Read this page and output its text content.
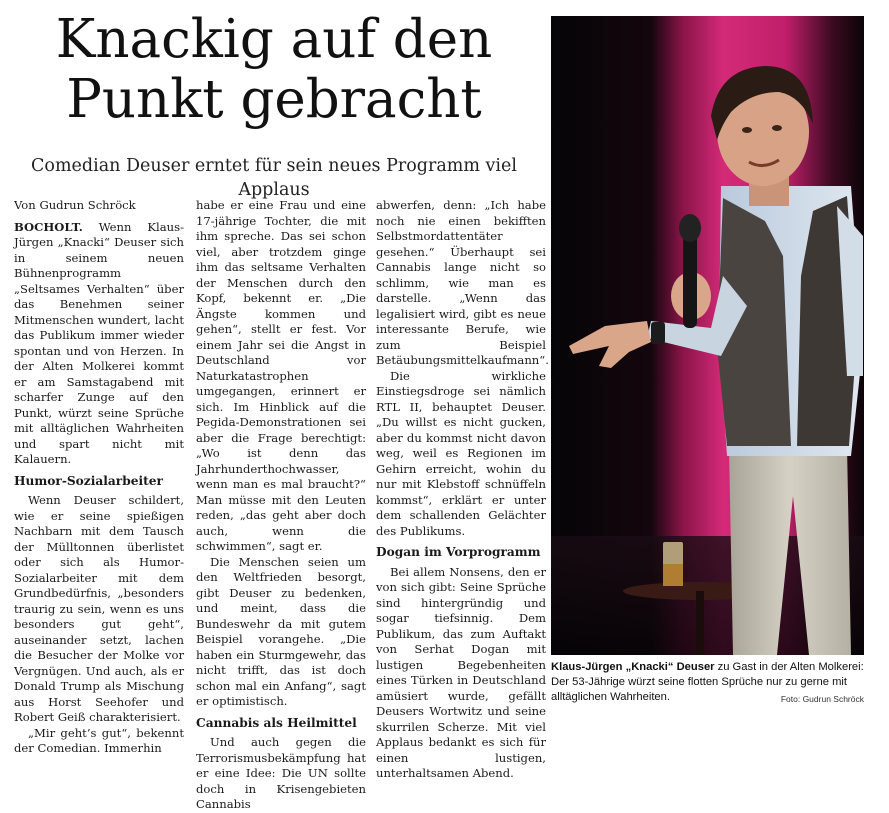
Knackig auf den
Punkt gebracht
Comedian Deuser erntet für sein neues Programm viel Applaus
Von Gudrun Schröck

BOCHOLT. Wenn Klaus-Jürgen „Knacki“ Deuser sich in seinem neuen Bühnenprogramm „Seltsames Verhalten“ über das Benehmen seiner Mitmenschen wundert, lacht das Publikum immer wieder spontan und von Herzen. In der Alten Molkerei kommt er am Samstagabend mit scharfer Zunge auf den Punkt, würzt seine Sprüche mit alltäglichen Wahrheiten und spart nicht mit Kalauern.

Humor-Sozialarbeiter

Wenn Deuser schildert, wie er seine spießigen Nachbarn mit dem Tausch der Mülltonnen überlistet oder sich als Humor-Sozialarbeiter mit dem Grundbedürfnis, „besonders traurig zu sein, wenn es uns besonders gut geht“, auseinander setzt, lachen die Besucher der Molke vor Vergnügen. Und auch, als er Donald Trump als Mischung aus Horst Seehofer und Robert Geiß charakterisiert.

„Mir geht’s gut“, bekennt der Comedian. Immerhin

habe er eine Frau und eine 17-jährige Tochter, die mit ihm spreche. Das sei schon viel, aber trotzdem ginge ihm das seltsame Verhalten der Menschen durch den Kopf, bekennt er. „Die Ängste kommen und gehen“, stellt er fest. Vor einem Jahr sei die Angst in Deutschland vor Naturkatastrophen umgegangen, erinnert er sich. Im Hinblick auf die Pegida-Demonstrationen sei aber die Frage berechtigt: „Wo ist denn das Jahrhunderthochwasser, wenn man es mal braucht?“ Man müsse mit den Leuten reden, „das geht aber doch auch, wenn die schwimmen“, sagt er.

Die Menschen seien um den Weltfrieden besorgt, gibt Deuser zu bedenken, und meint, dass die Bundeswehr da mit gutem Beispiel vorangehe. „Die haben ein Sturmgewehr, das nicht trifft, das ist doch schon mal ein Anfang“, sagt er optimistisch.

Cannabis als Heilmittel

Und auch gegen die Terrorismusbekämpfung hat er eine Idee: Die UN sollte doch in Krisengebieten Cannabis

abwerfen, denn: „Ich habe noch nie einen bekifften Selbstmordattentäter gesehen.“ Überhaupt sei Cannabis lange nicht so schlimm, wie man es darstelle. „Wenn das legalisiert wird, gibt es neue interessante Berufe, wie zum Beispiel Betäubungsmittelkaufmann“.

Die wirkliche Einstiegsdroge sei nämlich RTL II, behauptet Deuser. „Du willst es nicht gucken, aber du kommst nicht davon weg, weil es Regionen im Gehirn erreicht, wohin du nur mit Klebstoff schnüffeln kommst“, erklärt er unter dem schallenden Gelächter des Publikums.

Dogan im Vorprogramm

Bei allem Nonsens, den er von sich gibt: Seine Sprüche sind hintergründig und sogar tiefsinnig. Dem Publikum, das zum Auftakt von Serhat Dogan mit lustigen Begebenheiten eines Türken in Deutschland amüsiert wurde, gefällt Deusers Wortwitz und seine skurrilen Scherze. Mit viel Applaus bedankt es sich für einen lustigen, unterhaltsamen Abend.

Klaus-Jürgen „Knacki“ Deuser zu Gast in der Alten Molkerei: Der 53-Jährige würzt seine flotten Sprüche nur zu gerne mit alltäglichen Wahrheiten.	Foto: Gudrun Schröck
